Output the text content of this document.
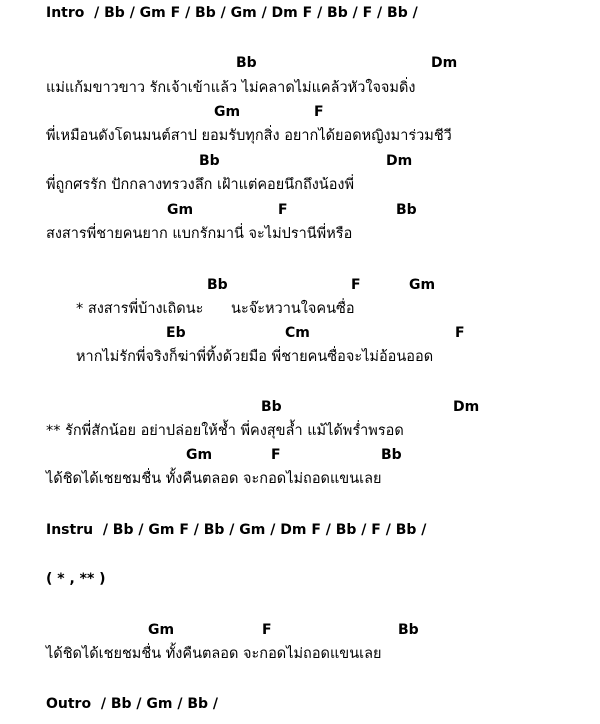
Intro  / Bb / Gm F / Bb / Gm / Dm F / Bb / F / Bb /
Bb	Dm
แม่แก้มขาวขาว รักเจ้าเข้าแล้ว ไม่คลาดไม่แคล้วหัวใจจมดิ่ง
Gm	F
พี่เหมือนดังโดนมนต์สาป ยอมรับทุกสิ่ง อยากได้ยอดหญิงมาร่วมชีวี
Bb	Dm
พี่ถูกศรรัก ปักกลางทรวงลึก เฝ้าแต่คอยนึกถึงน้องพี่
Gm	F	Bb
สงสารพี่ชายคนยาก แบกรักมานี่ จะไม่ปรานีพี่หรือ
Bb	F	Gm
* สงสารพี่บ้างเถิดนะ      นะจ๊ะหวานใจคนซื่อ
Eb	Cm	F
หากไม่รักพี่จริงก็ฆ่าพี่ทิ้งด้วยมือ พี่ชายคนซื่อจะไม่อ้อนออด
Bb	Dm
** รักพี่สักน้อย อย่าปล่อยให้ช้ำ พี่คงสุขล้ำ แม้ได้พร่ำพรอด
Gm	F	Bb
ได้ชิดได้เชยชมชื่น ทั้งคืนตลอด จะกอดไม่ถอดแขนเลย
Instru  / Bb / Gm F / Bb / Gm / Dm F / Bb / F / Bb /
( * , ** )
Gm	F	Bb
ได้ชิดได้เชยชมชื่น ทั้งคืนตลอด จะกอดไม่ถอดแขนเลย
Outro  / Bb / Gm / Bb /
